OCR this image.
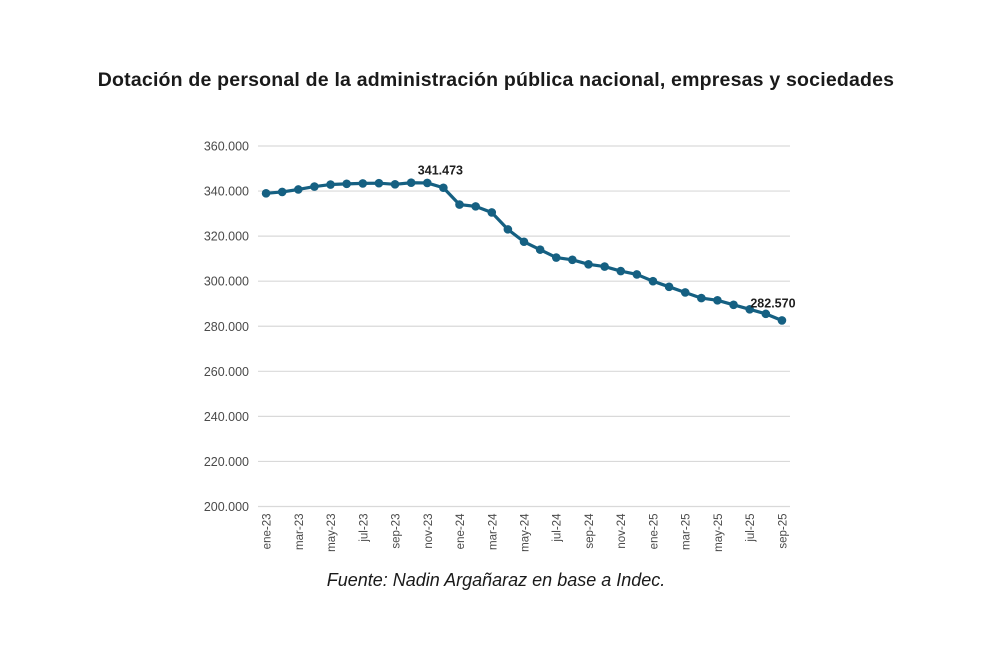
Dotación de personal de la administración pública nacional, empresas y sociedades
360.000
340.000
320.000
300.000
280.000
260.000
240.000
220.000
200.000
ene-23 mar-23 may-23 jul-23 sep-23 nov-23 ene-24 mar-24 may-24 jul-24 sep-24 nov-24 ene-25 mar-25 may-25 jul-25 sep-25
341.473
282.570
Fuente: Nadin Argañaraz en base a Indec.
